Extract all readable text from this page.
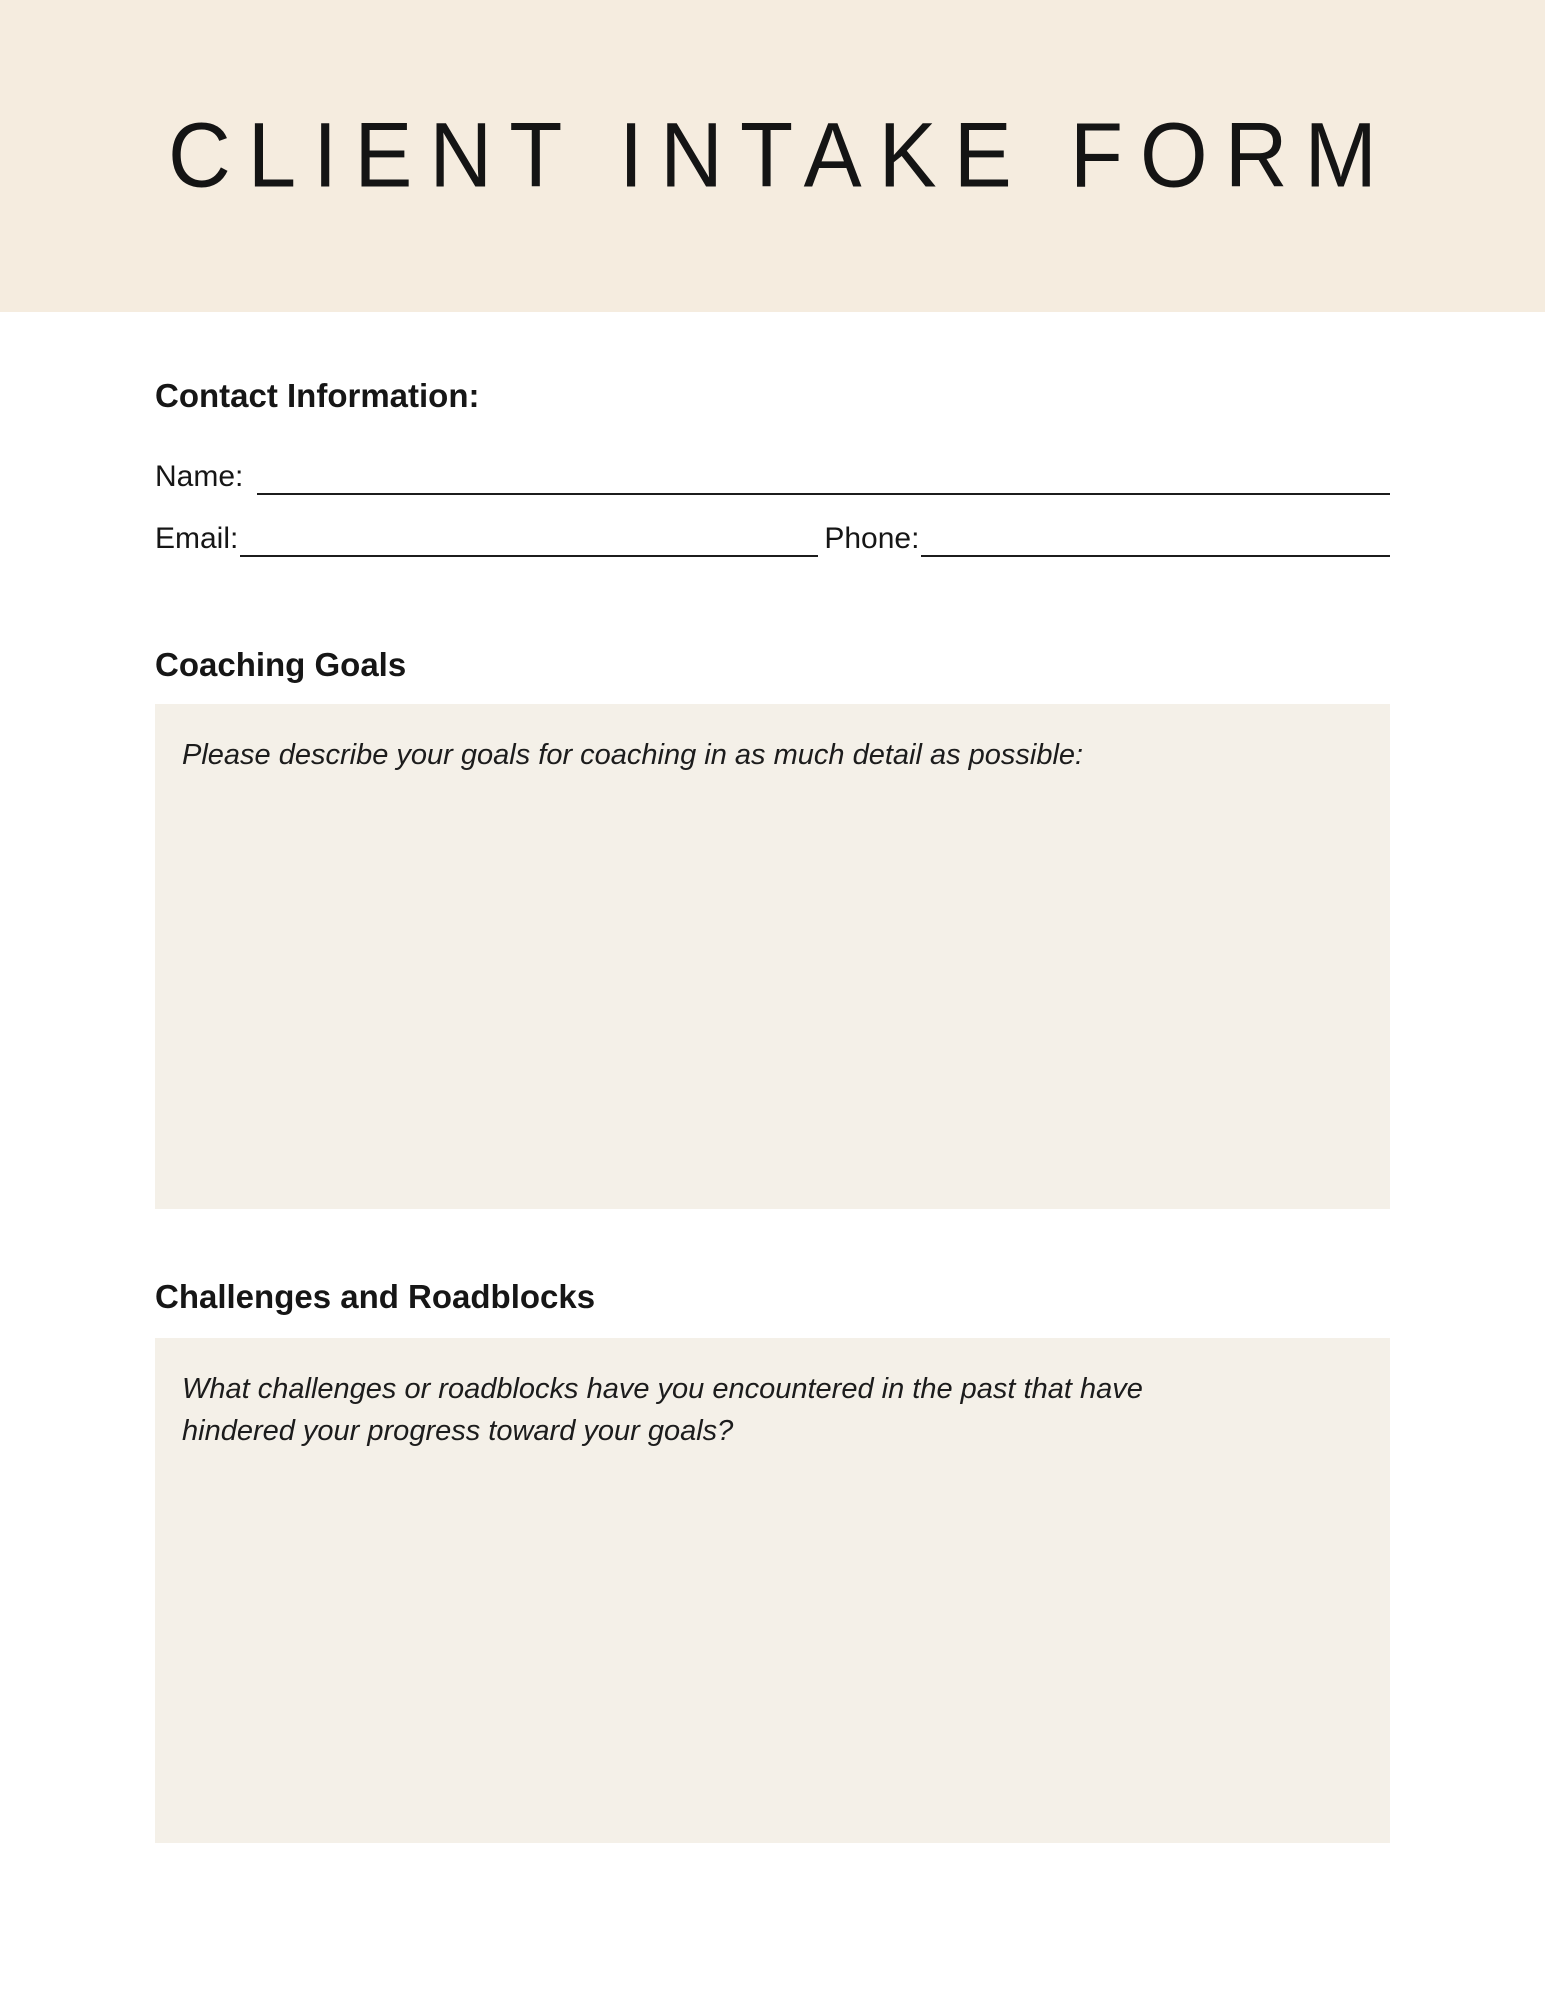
CLIENT INTAKE FORM
Contact Information:
Name:
Email:	Phone:
Coaching Goals
Please describe your goals for coaching in as much detail as possible:
Challenges and Roadblocks
What challenges or roadblocks have you encountered in the past that have hindered your progress toward your goals?
